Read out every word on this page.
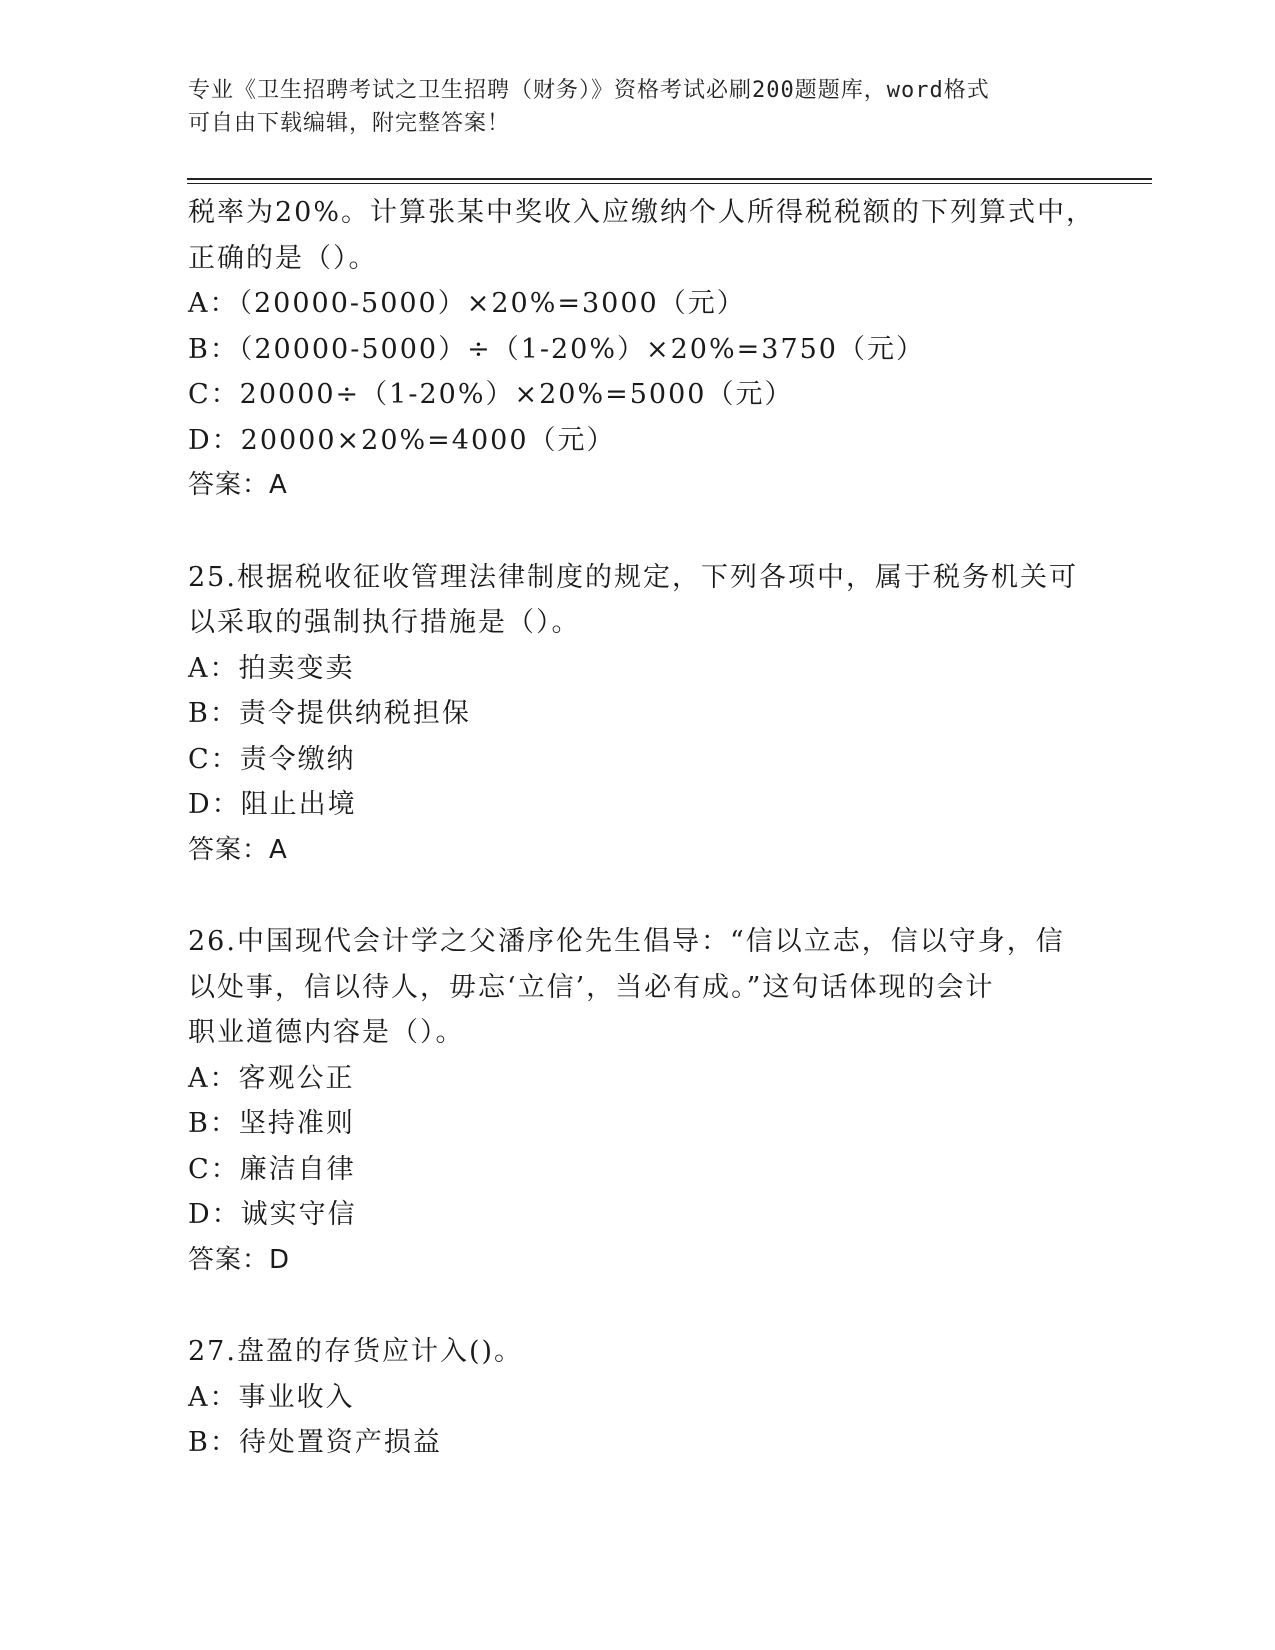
专业《卫生招聘考试之卫生招聘（财务）》资格考试必刷200题题库，word格式
可自由下载编辑，附完整答案！
税率为20%。计算张某中奖收入应缴纳个人所得税税额的下列算式中，
正确的是（）。
A：（20000-5000）×20%=3000（元）
B：（20000-5000）÷（1-20%）×20%=3750（元）
C：20000÷（1-20%）×20%=5000（元）
D：20000×20%=4000（元）
答案：A
25.根据税收征收管理法律制度的规定，下列各项中，属于税务机关可
以采取的强制执行措施是（）。
A：拍卖变卖
B：责令提供纳税担保
C：责令缴纳
D：阻止出境
答案：A
26.中国现代会计学之父潘序伦先生倡导：“信以立志，信以守身，信
以处事，信以待人，毋忘‘立信’，当必有成。”这句话体现的会计
职业道德内容是（）。
A：客观公正
B：坚持准则
C：廉洁自律
D：诚实守信
答案：D
27.盘盈的存货应计入()。
A：事业收入
B：待处置资产损益
